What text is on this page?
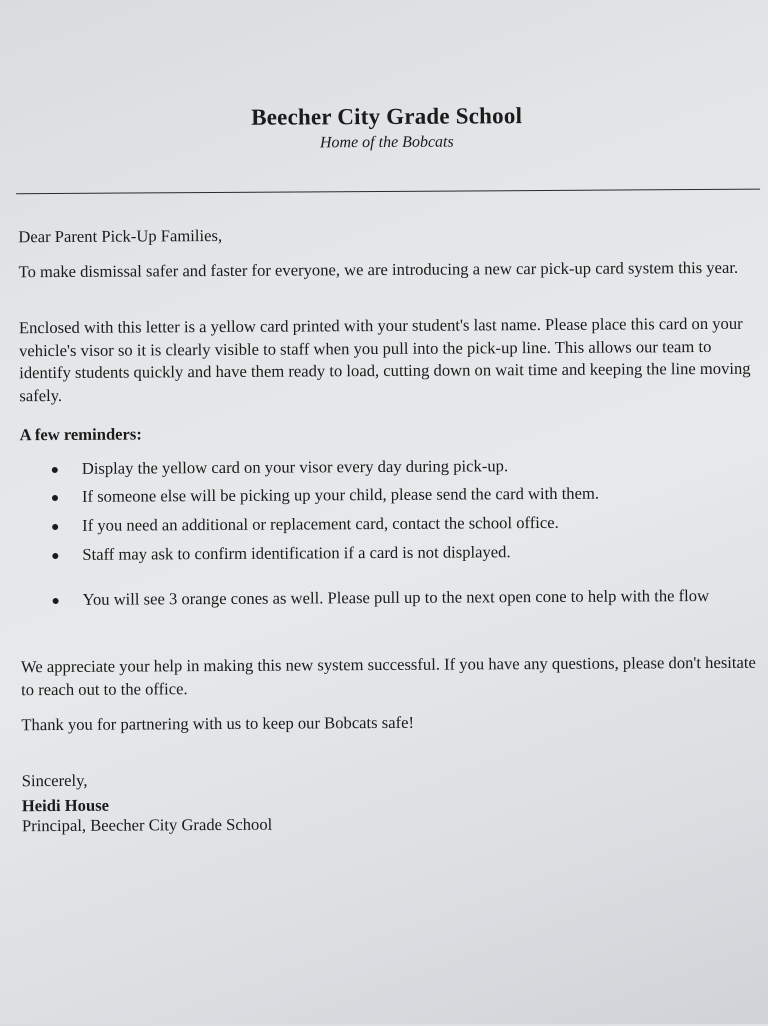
Beecher City Grade School
Home of the Bobcats
Dear Parent Pick-Up Families,
To make dismissal safer and faster for everyone, we are introducing a new car pick-up card system this year.
Enclosed with this letter is a yellow card printed with your student's last name. Please place this card on your vehicle's visor so it is clearly visible to staff when you pull into the pick-up line. This allows our team to identify students quickly and have them ready to load, cutting down on wait time and keeping the line moving safely.
A few reminders:
Display the yellow card on your visor every day during pick-up.
If someone else will be picking up your child, please send the card with them.
If you need an additional or replacement card, contact the school office.
Staff may ask to confirm identification if a card is not displayed.
You will see 3 orange cones as well. Please pull up to the next open cone to help with the flow
We appreciate your help in making this new system successful. If you have any questions, please don't hesitate to reach out to the office.
Thank you for partnering with us to keep our Bobcats safe!
Sincerely,
Heidi House
Principal, Beecher City Grade School
